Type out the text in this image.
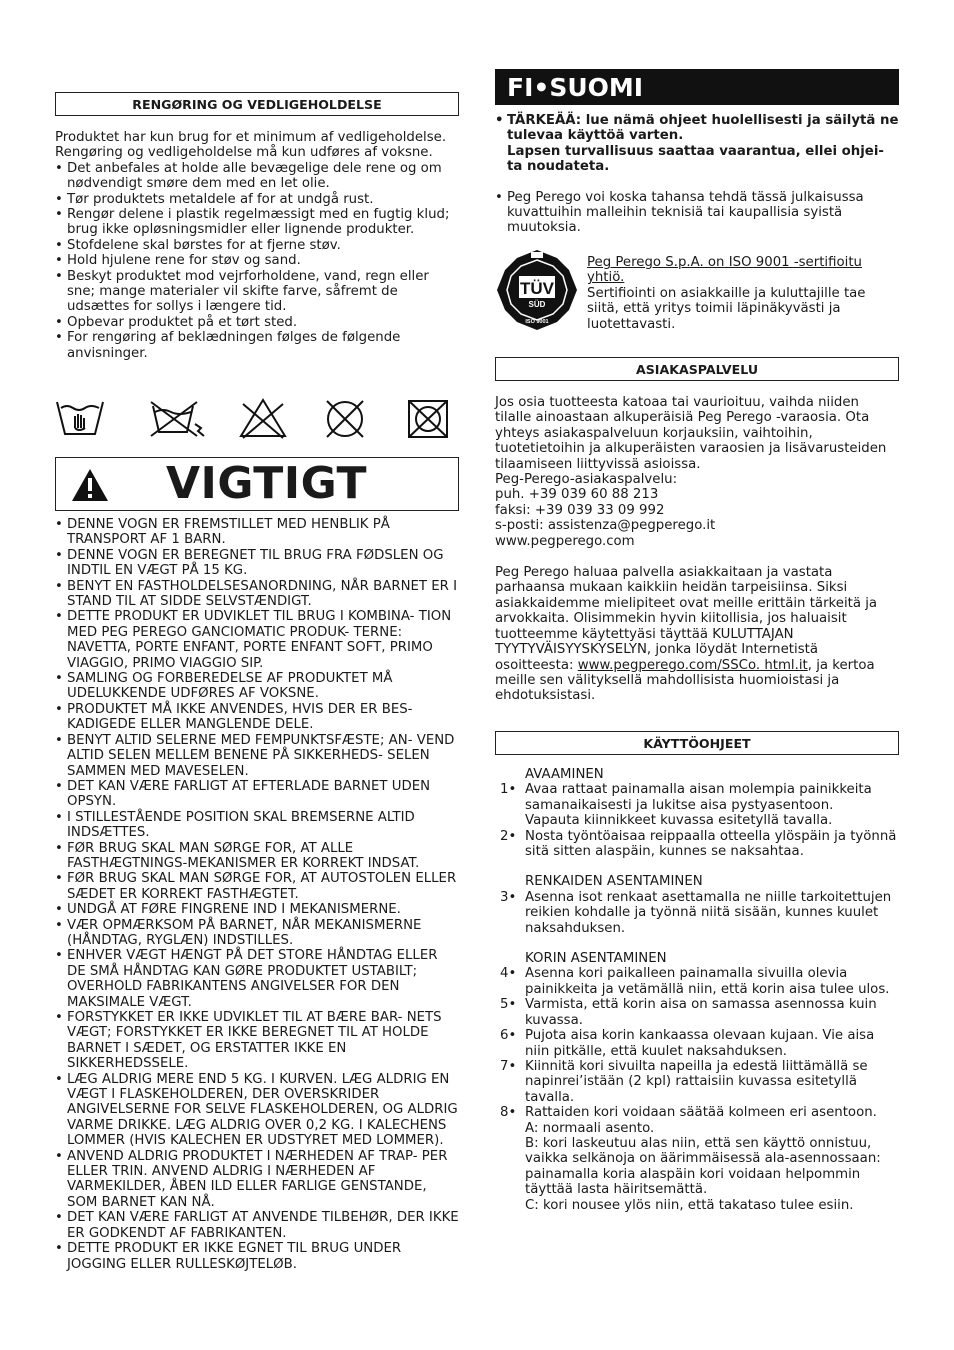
RENGØRING OG VEDLIGEHOLDELSE
Produktet har kun brug for et minimum af vedligeholdelse. Rengøring og vedligeholdelse må kun udføres af voksne.
• Det anbefales at holde alle bevægelige dele rene og om nødvendigt smøre dem med en let olie.
• Tør produktets metaldele af for at undgå rust.
• Rengør delene i plastik regelmæssigt med en fugtig klud; brug ikke opløsningsmidler eller lignende produkter.
• Stofdelene skal børstes for at fjerne støv.
• Hold hjulene rene for støv og sand.
• Beskyt produktet mod vejrforholdene, vand, regn eller sne; mange materialer vil skifte farve, såfremt de udsættes for sollys i længere tid.
• Opbevar produktet på et tørt sted.
• For rengøring af beklædningen følges de følgende anvisninger.
VIGTIGT
• DENNE VOGN ER FREMSTILLET MED HENBLIK PÅ TRANSPORT AF 1 BARN.
• DENNE VOGN ER BEREGNET TIL BRUG FRA FØDSLEN OG INDTIL EN VÆGT PÅ 15 KG.
• BENYT EN FASTHOLDELSESANORDNING, NÅR BARNET ER I STAND TIL AT SIDDE SELVSTÆNDIGT.
• DETTE PRODUKT ER UDVIKLET TIL BRUG I KOMBINA- TION MED PEG PEREGO GANCIOMATIC PRODUK- TERNE: NAVETTA, PORTE ENFANT, PORTE ENFANT SOFT, PRIMO VIAGGIO, PRIMO VIAGGIO SIP.
• SAMLING OG FORBEREDELSE AF PRODUKTET MÅ UDELUKKENDE UDFØRES AF VOKSNE.
• PRODUKTET MÅ IKKE ANVENDES, HVIS DER ER BES- KADIGEDE ELLER MANGLENDE DELE.
• BENYT ALTID SELERNE MED FEMPUNKTSFÆSTE; AN- VEND ALTID SELEN MELLEM BENENE PÅ SIKKERHEDS- SELEN SAMMEN MED MAVESELEN.
• DET KAN VÆRE FARLIGT AT EFTERLADE BARNET UDEN OPSYN.
• I STILLESTÅENDE POSITION SKAL BREMSERNE ALTID INDSÆTTES.
• FØR BRUG SKAL MAN SØRGE FOR, AT ALLE FASTHÆGTNINGS-MEKANISMER ER KORREKT INDSAT.
• FØR BRUG SKAL MAN SØRGE FOR, AT AUTOSTOLEN ELLER SÆDET ER KORREKT FASTHÆGTET.
• UNDGÅ AT FØRE FINGRENE IND I MEKANISMERNE.
• VÆR OPMÆRKSOM PÅ BARNET, NÅR MEKANISMERNE (HÅNDTAG, RYGLÆN) INDSTILLES.
• ENHVER VÆGT HÆNGT PÅ DET STORE HÅNDTAG ELLER DE SMÅ HÅNDTAG KAN GØRE PRODUKTET USTABILT; OVERHOLD FABRIKANTENS ANGIVELSER FOR DEN MAKSIMALE VÆGT.
• FORSTYKKET ER IKKE UDVIKLET TIL AT BÆRE BAR- NETS VÆGT; FORSTYKKET ER IKKE BEREGNET TIL AT HOLDE BARNET I SÆDET, OG ERSTATTER IKKE EN SIKKERHEDSSELE.
• LÆG ALDRIG MERE END 5 KG. I KURVEN. LÆG ALDRIG EN VÆGT I FLASKEHOLDEREN, DER OVERSKRIDER ANGIVELSERNE FOR SELVE FLASKEHOLDEREN, OG ALDRIG VARME DRIKKE. LÆG ALDRIG OVER 0,2 KG. I KALECHENS LOMMER (HVIS KALECHEN ER UDSTYRET MED LOMMER).
• ANVEND ALDRIG PRODUKTET I NÆRHEDEN AF TRAP- PER ELLER TRIN. ANVEND ALDRIG I NÆRHEDEN AF VARMEKILDER, ÅBEN ILD ELLER FARLIGE GENSTANDE, SOM BARNET KAN NÅ.
• DET KAN VÆRE FARLIGT AT ANVENDE TILBEHØR, DER IKKE ER GODKENDT AF FABRIKANTEN.
• DETTE PRODUKT ER IKKE EGNET TIL BRUG UNDER JOGGING ELLER RULLESKØJTELØB.
FI•SUOMI
• TÄRKEÄÄ: lue nämä ohjeet huolellisesti ja säilytä ne tulevaa käyttöä varten.
Lapsen turvallisuus saattaa vaarantua, ellei ohjei- ta noudateta.
• Peg Perego voi koska tahansa tehdä tässä julkaisussa kuvattuihin malleihin teknisiä tai kaupallisia syistä muutoksia.
TÜV
SÜD
ISO 9001
Peg Perego S.p.A. on ISO 9001 -sertifioitu yhtiö.
Sertifiointi on asiakkaille ja kuluttajille tae siitä, että yritys toimii läpinäkyvästi ja luotettavasti.
ASIAKASPALVELU
Jos osia tuotteesta katoaa tai vaurioituu, vaihda niiden tilalle ainoastaan alkuperäisiä Peg Perego -varaosia. Ota yhteys asiakaspalveluun korjauksiin, vaihtoihin, tuotetietoihin ja alkuperäisten varaosien ja lisävarusteiden tilaamiseen liittyvissä asioissa.
Peg-Perego-asiakaspalvelu:
puh. +39 039 60 88 213
faksi: +39 039 33 09 992
s-posti: assistenza@pegperego.it
www.pegperego.com
Peg Perego haluaa palvella asiakkaitaan ja vastata parhaansa mukaan kaikkiin heidän tarpeisiinsa. Siksi asiakkaidemme mielipiteet ovat meille erittäin tärkeitä ja arvokkaita. Olisimmekin hyvin kiitollisia, jos haluaisit tuotteemme käytettyäsi täyttää KULUTTAJAN TYYTYVÄISYYSKYSELYN, jonka löydät Internetistä osoitteesta: www.pegperego.com/SSCo. html.it, ja kertoa meille sen välityksellä mahdollisista huomioistasi ja ehdotuksistasi.
KÄYTTÖOHJEET
AVAAMINEN
1• Avaa rattaat painamalla aisan molempia painikkeita samanaikaisesti ja lukitse aisa pystyasentoon.
Vapauta kiinnikkeet kuvassa esitetyllä tavalla.
2• Nosta työntöaisaa reippaalla otteella ylöspäin ja työnnä sitä sitten alaspäin, kunnes se naksahtaa.
RENKAIDEN ASENTAMINEN
3• Asenna isot renkaat asettamalla ne niille tarkoitettujen reikien kohdalle ja työnnä niitä sisään, kunnes kuulet naksahduksen.
KORIN ASENTAMINEN
4• Asenna kori paikalleen painamalla sivuilla olevia painikkeita ja vetämällä niin, että korin aisa tulee ulos.
5• Varmista, että korin aisa on samassa asennossa kuin kuvassa.
6• Pujota aisa korin kankaassa olevaan kujaan. Vie aisa niin pitkälle, että kuulet naksahduksen.
7• Kiinnitä kori sivuilta napeilla ja edestä liittämällä se napinrei’istään (2 kpl) rattaisiin kuvassa esitetyllä tavalla.
8• Rattaiden kori voidaan säätää kolmeen eri asentoon.
A: normaali asento.
B: kori laskeutuu alas niin, että sen käyttö onnistuu, vaikka selkänoja on äärimmäisessä ala-asennossaan: painamalla koria alaspäin kori voidaan helpommin täyttää lasta häiritsemättä.
C: kori nousee ylös niin, että takataso tulee esiin.
